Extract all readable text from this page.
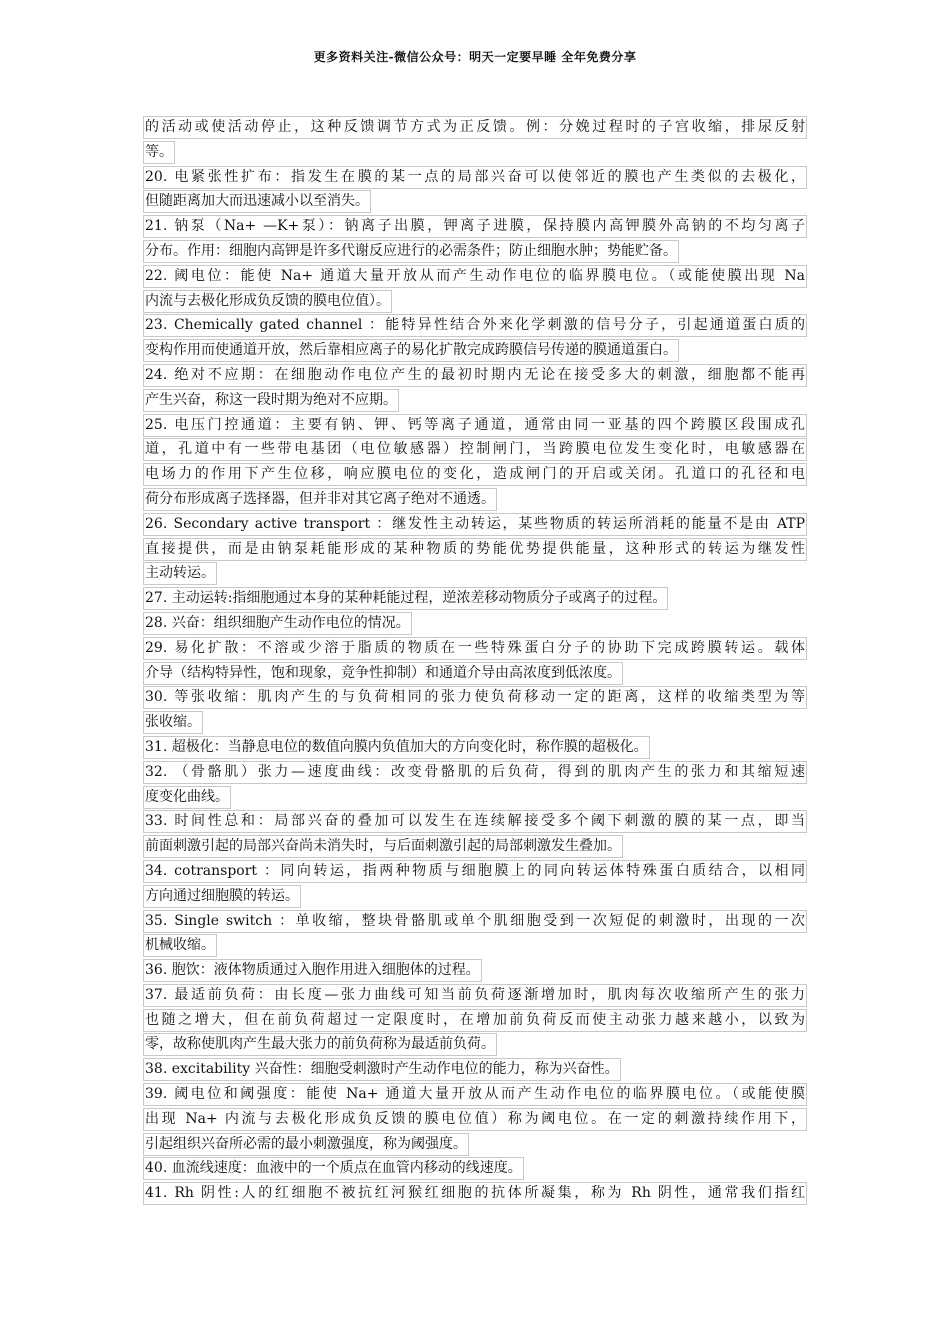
更多资料关注-微信公众号：明天一定要早睡 全年免费分享
的活动或使活动停止，这种反馈调节方式为正反馈。例：分娩过程时的子宫收缩，排尿反射
等。
20. 电紧张性扩布：指发生在膜的某一点的局部兴奋可以使邻近的膜也产生类似的去极化，
但随距离加大而迅速减小以至消失。
21. 钠泵（Na+ —K+泵）：钠离子出膜，钾离子进膜，保持膜内高钾膜外高钠的不均匀离子
分布。作用：细胞内高钾是许多代谢反应进行的必需条件；防止细胞水肿；势能贮备。
22. 阈电位：能使 Na+ 通道大量开放从而产生动作电位的临界膜电位。（或能使膜出现 Na
内流与去极化形成负反馈的膜电位值）。
23. Chemically gated channel ：能特异性结合外来化学刺激的信号分子，引起通道蛋白质的
变构作用而使通道开放，然后靠相应离子的易化扩散完成跨膜信号传递的膜通道蛋白。
24. 绝对不应期：在细胞动作电位产生的最初时期内无论在接受多大的刺激，细胞都不能再
产生兴奋，称这一段时期为绝对不应期。
25. 电压门控通道：主要有钠、钾、钙等离子通道，通常由同一亚基的四个跨膜区段围成孔
道，孔道中有一些带电基团（电位敏感器）控制闸门，当跨膜电位发生变化时，电敏感器在
电场力的作用下产生位移，响应膜电位的变化，造成闸门的开启或关闭。孔道口的孔径和电
荷分布形成离子选择器，但并非对其它离子绝对不通透。
26. Secondary active transport ：继发性主动转运，某些物质的转运所消耗的能量不是由 ATP
直接提供，而是由钠泵耗能形成的某种物质的势能优势提供能量，这种形式的转运为继发性
主动转运。
27. 主动运转:指细胞通过本身的某种耗能过程，逆浓差移动物质分子或离子的过程。
28. 兴奋：组织细胞产生动作电位的情况。
29. 易化扩散：不溶或少溶于脂质的物质在一些特殊蛋白分子的协助下完成跨膜转运。载体
介导（结构特异性，饱和现象，竞争性抑制）和通道介导由高浓度到低浓度。
30. 等张收缩：肌肉产生的与负荷相同的张力使负荷移动一定的距离，这样的收缩类型为等
张收缩。
31. 超极化：当静息电位的数值向膜内负值加大的方向变化时，称作膜的超极化。
32. （骨骼肌）张力—速度曲线：改变骨骼肌的后负荷，得到的肌肉产生的张力和其缩短速
度变化曲线。
33. 时间性总和：局部兴奋的叠加可以发生在连续解接受多个阈下刺激的膜的某一点，即当
前面刺激引起的局部兴奋尚未消失时，与后面刺激引起的局部刺激发生叠加。
34. cotransport ：同向转运，指两种物质与细胞膜上的同向转运体特殊蛋白质结合，以相同
方向通过细胞膜的转运。
35. Single switch ：单收缩，整块骨骼肌或单个肌细胞受到一次短促的刺激时，出现的一次
机械收缩。
36. 胞饮：液体物质通过入胞作用进入细胞体的过程。
37. 最适前负荷：由长度—张力曲线可知当前负荷逐渐增加时，肌肉每次收缩所产生的张力
也随之增大，但在前负荷超过一定限度时，在增加前负荷反而使主动张力越来越小，以致为
零，故称使肌肉产生最大张力的前负荷称为最适前负荷。
38. excitability 兴奋性：细胞受刺激时产生动作电位的能力，称为兴奋性。
39. 阈电位和阈强度：能使 Na+ 通道大量开放从而产生动作电位的临界膜电位。（或能使膜
出现 Na+ 内流与去极化形成负反馈的膜电位值）称为阈电位。在一定的刺激持续作用下，
引起组织兴奋所必需的最小刺激强度，称为阈强度。
40. 血流线速度：血液中的一个质点在血管内移动的线速度。
41. Rh 阴性:人的红细胞不被抗红河猴红细胞的抗体所凝集，称为 Rh 阴性，通常我们指红
